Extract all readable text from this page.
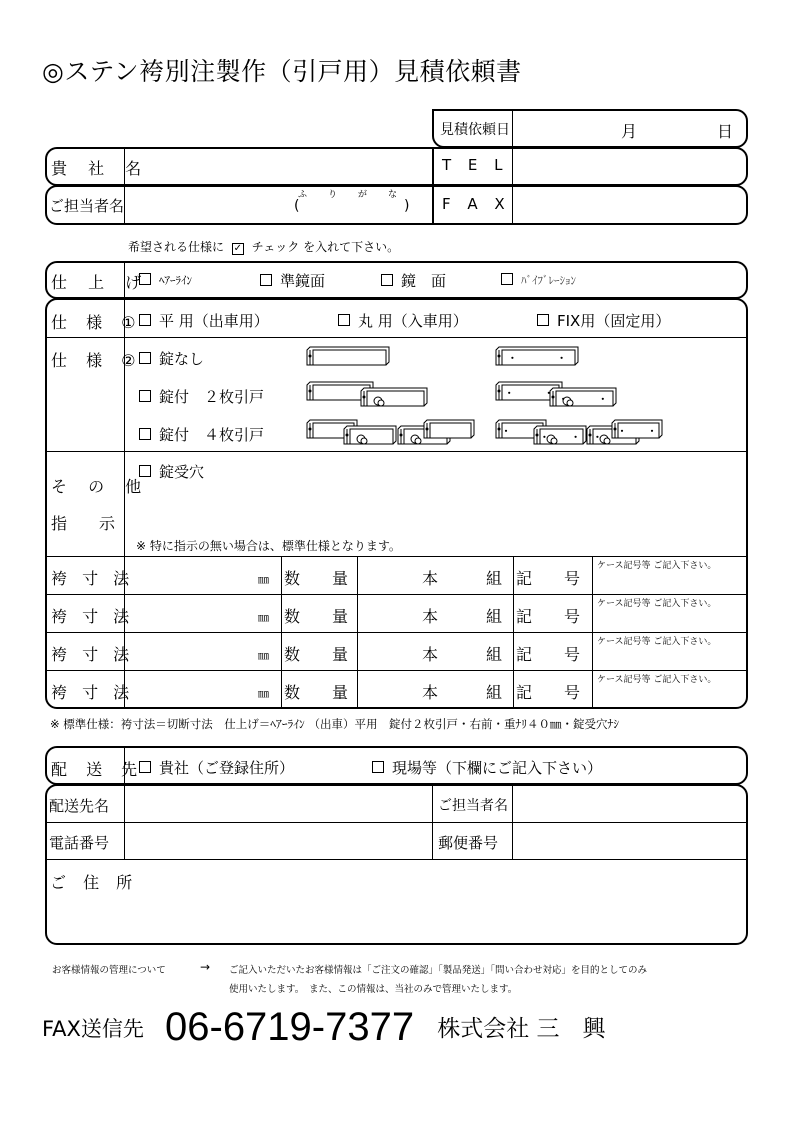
◎ステン袴別注製作（引戸用）見積依頼書
見積依頼日	月	日
貴 社 名	T E L
ご担当者名
ふ　り　が　な
(	) F A X
希望される仕様に ✓ チェック を入れて下さい。
仕 上 げ ﾍｱｰﾗｲﾝ	準鏡面	鏡　面	ﾊﾞｲﾌﾞﾚｰｼｮﾝ
仕 様 ①	平 用（出車用）	丸 用（入車用）	FIX用（固定用）
仕 様 ②	錠なし
錠付　２枚引戸
錠付　４枚引戸
そ の 他
指　　示
錠受穴
※ 特に指示の無い場合は、標準仕様となります。
袴 寸 法	㎜ 数　　量	本　　　組 記　　号
ケース記号等 ご記入下さい。
袴 寸 法	㎜ 数　　量	本　　　組 記　　号
ケース記号等 ご記入下さい。
袴 寸 法	㎜ 数　　量	本　　　組 記　　号
ケース記号等 ご記入下さい。
袴 寸 法	㎜ 数　　量	本　　　組 記　　号
ケース記号等 ご記入下さい。
※ 標準仕様：袴寸法＝切断寸法　仕上げ＝ﾍｱｰﾗｲﾝ （出車）平用　錠付２枚引戸・右前・重ﾅﾘ４０㎜・錠受穴ﾅｼ
配 送 先 貴社（ご登録住所）	現場等（下欄にご記入下さい）
配送先名	ご担当者名
電話番号	郵便番号
ご 住 所
お客様情報の管理について	→ ご記入いただいたお客様情報は「ご注文の確認」「製品発送」「問い合わせ対応」を目的としてのみ
使用いたします。　また、この情報は、当社のみで管理いたします。
FAX送信先 06-6719-7377 株式会社 三　興
